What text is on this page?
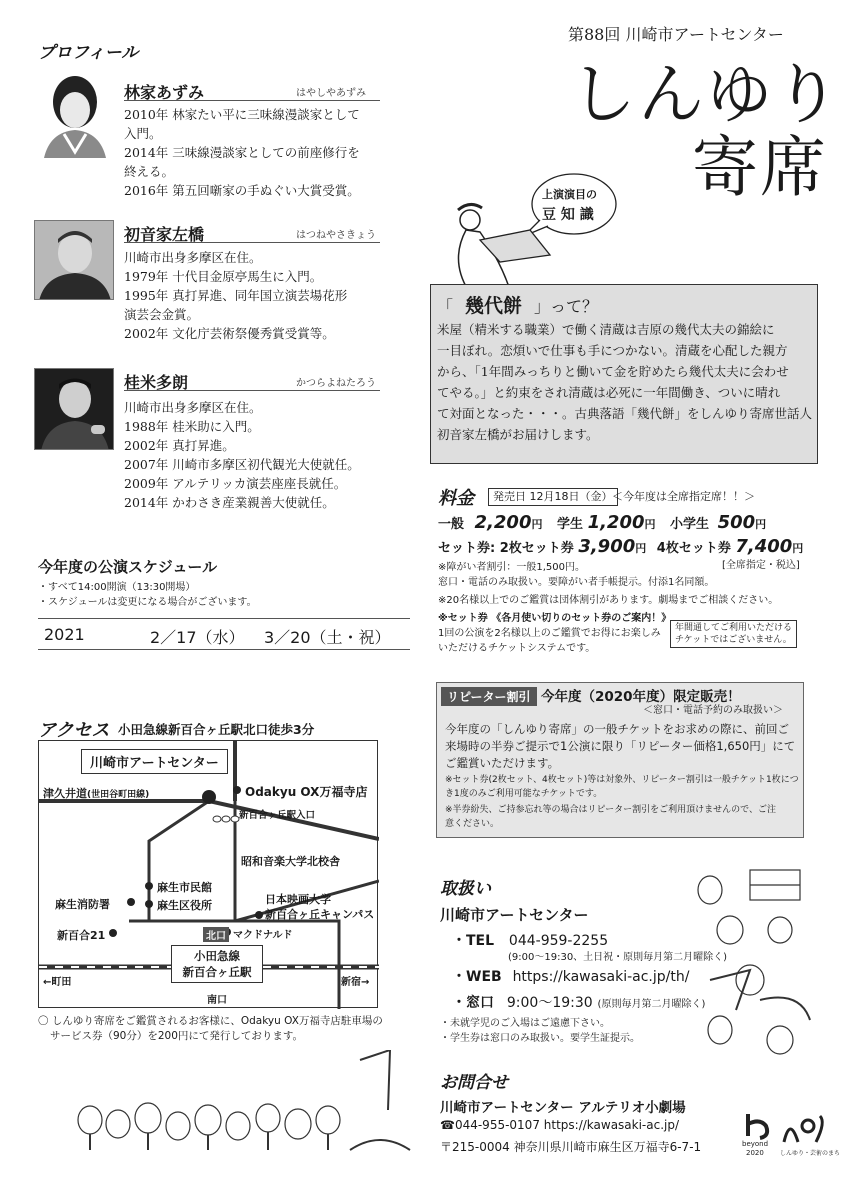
プロフィール
林家あずみ	はやしやあずみ
2010年 林家たい平に三味線漫談家として
入門。
2014年 三味線漫談家としての前座修行を
終える。
2016年 第五回噺家の手ぬぐい大賞受賞。
初音家左橋	はつねやさきょう
川崎市出身多摩区在住。
1979年 十代目金原亭馬生に入門。
1995年 真打昇進、同年国立演芸場花形
演芸会金賞。
2002年 文化庁芸術祭優秀賞受賞等。
桂米多朗	かつらよねたろう
川崎市出身多摩区在住。
1988年 桂米助に入門。
2002年 真打昇進。
2007年 川崎市多摩区初代観光大使就任。
2009年 アルテリッカ演芸座座長就任。
2014年 かわさき産業親善大使就任。
第88回 川崎市アートセンター
しんゆり
寄席
上演演目の
豆 知 識
「 幾代餅 」って？
米屋（精米する職業）で働く清蔵は吉原の幾代太夫の錦絵に
一目ぼれ。恋煩いで仕事も手につかない。清蔵を心配した親方
から、「1年間みっちりと働いて金を貯めたら幾代太夫に会わせ
てやる。」と約束をされ清蔵は必死に一年間働き、ついに晴れ
て対面となった・・・。古典落語「幾代餅」をしんゆり寄席世話人
初音家左橋がお届けします。
料金	発売日 12月18日（金） ＜今年度は全席指定席！！＞
一般 2,200円 学生 1,200円 小学生 500円
セット券: 2枚セット券 3,900円 4枚セット券 7,400円
[全席指定・税込]
※障がい者割引：一般1,500円。
窓口・電話のみ取扱い。要障がい者手帳提示。付添1名同額。
※20名様以上でのご鑑賞は団体割引があります。劇場までご相談ください。
※セット券 《各月使い切りのセット券のご案内！》
1回の公演を2名様以上のご鑑賞でお得にお楽しみ
いただけるチケットシステムです。
年間通してご利用いただける
チケットではございません。
今年度の公演スケジュール
・すべて14:00開演（13:30開場）
・スケジュールは変更になる場合がございます。
2021	2／17（水） 3／20（土・祝）
リピーター割引 今年度（2020年度）限定販売！
＜窓口・電話予約のみ取扱い＞
今年度の「しんゆり寄席」の一般チケットをお求めの際に、前回ご
来場時の半券ご提示で1公演に限り「リピーター価格1,650円」にて
ご鑑賞いただけます。
※セット券(2枚セット、4枚セット)等は対象外、リピーター割引は一般チケット1枚につ
き1度のみご利用可能なチケットです。
※半券紛失、ご持参忘れ等の場合はリピーター割引をご利用頂けませんので、ご注
意ください。
アクセス 小田急線新百合ヶ丘駅北口徒歩3分
川崎市アートセンター
津久井道(世田谷町田線)	Odakyu OX万福寺店
新百合ヶ丘駅入口
昭和音楽大学北校舎
麻生市民館
麻生区役所
麻生消防署	日本映画大学
新百合ヶ丘キャンパス
新百合21	北口 マクドナルド
小田急線
新百合ヶ丘駅
←町田	新宿→
南口
〇 しんゆり寄席をご鑑賞されるお客様に、Odakyu OX万福寺店駐車場の
サービス券（90分）を200円にて発行しております。
取扱い
川崎市アートセンター
・TEL 044-959-2255
(9:00〜19:30、土日祝・原則毎月第二月曜除く)
・WEB https://kawasaki-ac.jp/th/
・窓口 9:00〜19:30 (原則毎月第二月曜除く)
・未就学児のご入場はご遠慮下さい。
・学生券は窓口のみ取扱い。要学生証提示。
お問合せ
川崎市アートセンター アルテリオ小劇場
☎044-955-0107 https://kawasaki-ac.jp/
〒215-0004 神奈川県川崎市麻生区万福寺6-7-1	beyond
2020	しんゆり・芸術のまち
